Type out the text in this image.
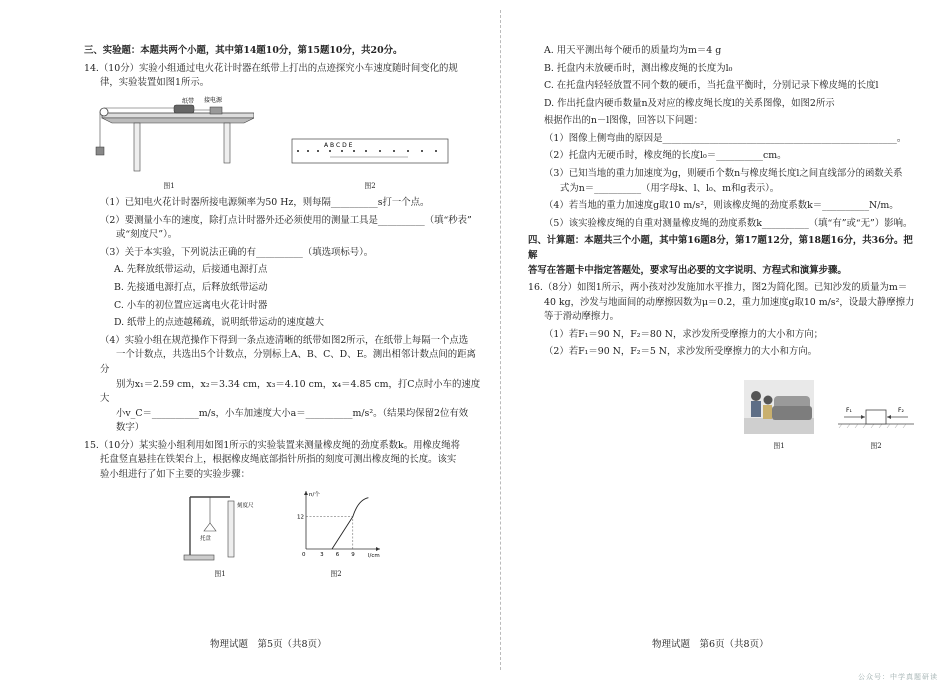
三、实验题：本题共两个小题，其中第14题10分，第15题10分，共20分。

14.（10分）实验小组通过电火花计时器在纸带上打出的点迹探究小车速度随时间变化的规
律，实验装置如图1所示。

纸带 接电源
图1
A B C D E
图2

（1）已知电火花计时器所接电源频率为50 Hz，则每隔__________s打一个点。

（2）要测量小车的速度，除打点计时器外还必须使用的测量工具是__________（填“秒表”
或“刻度尺”）。

（3）关于本实验，下列说法正确的有__________（填选项标号）。

A. 先释放纸带运动，后接通电源打点

B. 先接通电源打点，后释放纸带运动

C. 小车的初位置应远离电火花计时器

D. 纸带上的点迹越稀疏，说明纸带运动的速度越大

（4）实验小组在规范操作下得到一条点迹清晰的纸带如图2所示，在纸带上每隔一个点选
一个计数点，共选出5个计数点，分别标上A、B、C、D、E。测出相邻计数点间的距离分
别为x₁＝2.59 cm，x₂＝3.34 cm，x₃＝4.10 cm，x₄＝4.85 cm，打C点时小车的速度大
小v_C＝__________m/s，小车加速度大小a＝__________m/s²。（结果均保留2位有效
数字）

15.（10分）某实验小组利用如图1所示的实验装置来测量橡皮绳的劲度系数k。用橡皮绳将
托盘竖直悬挂在铁架台上，根据橡皮绳底部指针所指的刻度可测出橡皮绳的长度。该实
验小组进行了如下主要的实验步骤：

刻度尺
托盘
图1
n/个
l/cm
0	3 6 9
12
图2

A. 用天平测出每个硬币的质量均为m＝4 g

B. 托盘内未放硬币时，测出橡皮绳的长度为l₀

C. 在托盘内轻轻放置不同个数的硬币，当托盘平衡时，分别记录下橡皮绳的长度l

D. 作出托盘内硬币数量n及对应的橡皮绳长度l的关系图像，如图2所示

根据作出的n－l图像，回答以下问题：

（1）图像上侧弯曲的原因是__________________________________________________。

（2）托盘内无硬币时，橡皮绳的长度l₀＝__________cm。

（3）已知当地的重力加速度为g，则硬币个数n与橡皮绳长度l之间直线部分的函数关系
式为n＝__________（用字母k、l、l₀、m和g表示）。

（4）若当地的重力加速度g取10 m/s²，则该橡皮绳的劲度系数k＝__________N/m。

（5）该实验橡皮绳的自重对测量橡皮绳的劲度系数k__________（填“有”或“无”）影响。

四、计算题：本题共三个小题，其中第16题8分，第17题12分，第18题16分，共36分。把解
答写在答题卡中指定答题处，要求写出必要的文字说明、方程式和演算步骤。

16.（8分）如图1所示，两小孩对沙发施加水平推力，图2为简化图。已知沙发的质量为m＝
40 kg，沙发与地面间的动摩擦因数为μ＝0.2，重力加速度g取10 m/s²，设最大静摩擦力
等于滑动摩擦力。

（1）若F₁＝90 N，F₂＝80 N，求沙发所受摩擦力的大小和方向；

（2）若F₁＝90 N，F₂＝5 N，求沙发所受摩擦力的大小和方向。

图1
F₁	F₂
图2
物理试题　第5页（共8页）	物理试题　第6页（共8页）
公众号：中学真题研读
